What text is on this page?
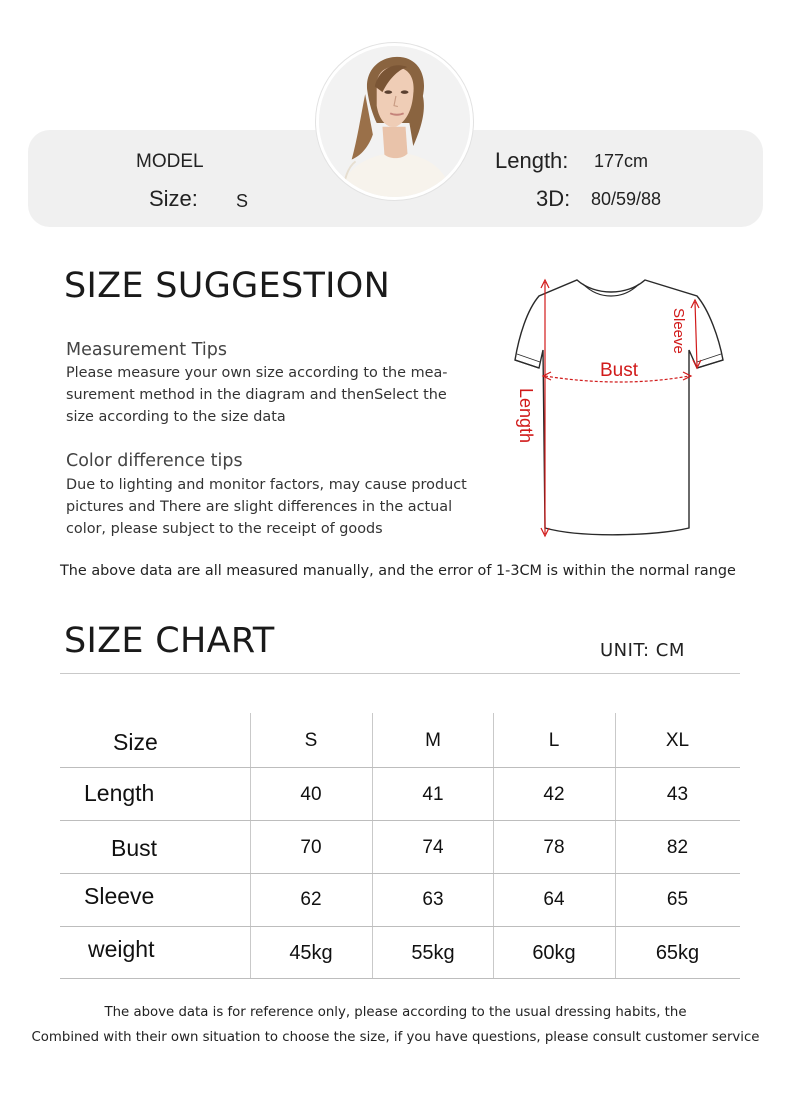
MODEL
Size: S
Length: 177cm
3D: 80/59/88
SIZE SUGGESTION
Measurement Tips
Please measure your own size according to the mea-
surement method in the diagram and thenSelect the
size according to the size data
Color difference tips
Due to lighting and monitor factors, may cause product
pictures and There are slight differences in the actual
color, please subject to the receipt of goods
Bust
Length
Sleeve
The above data are all measured manually, and the error of 1-3CM is within the normal range
SIZE CHART	UNIT: CM
Size	S	M	L	XL
Length	40	41	42	43
Bust	70	74	78	82
Sleeve	62	63	64	65
weight	45kg	55kg	60kg	65kg
The above data is for reference only, please according to the usual dressing habits, the
Combined with their own situation to choose the size, if you have questions, please consult customer service
